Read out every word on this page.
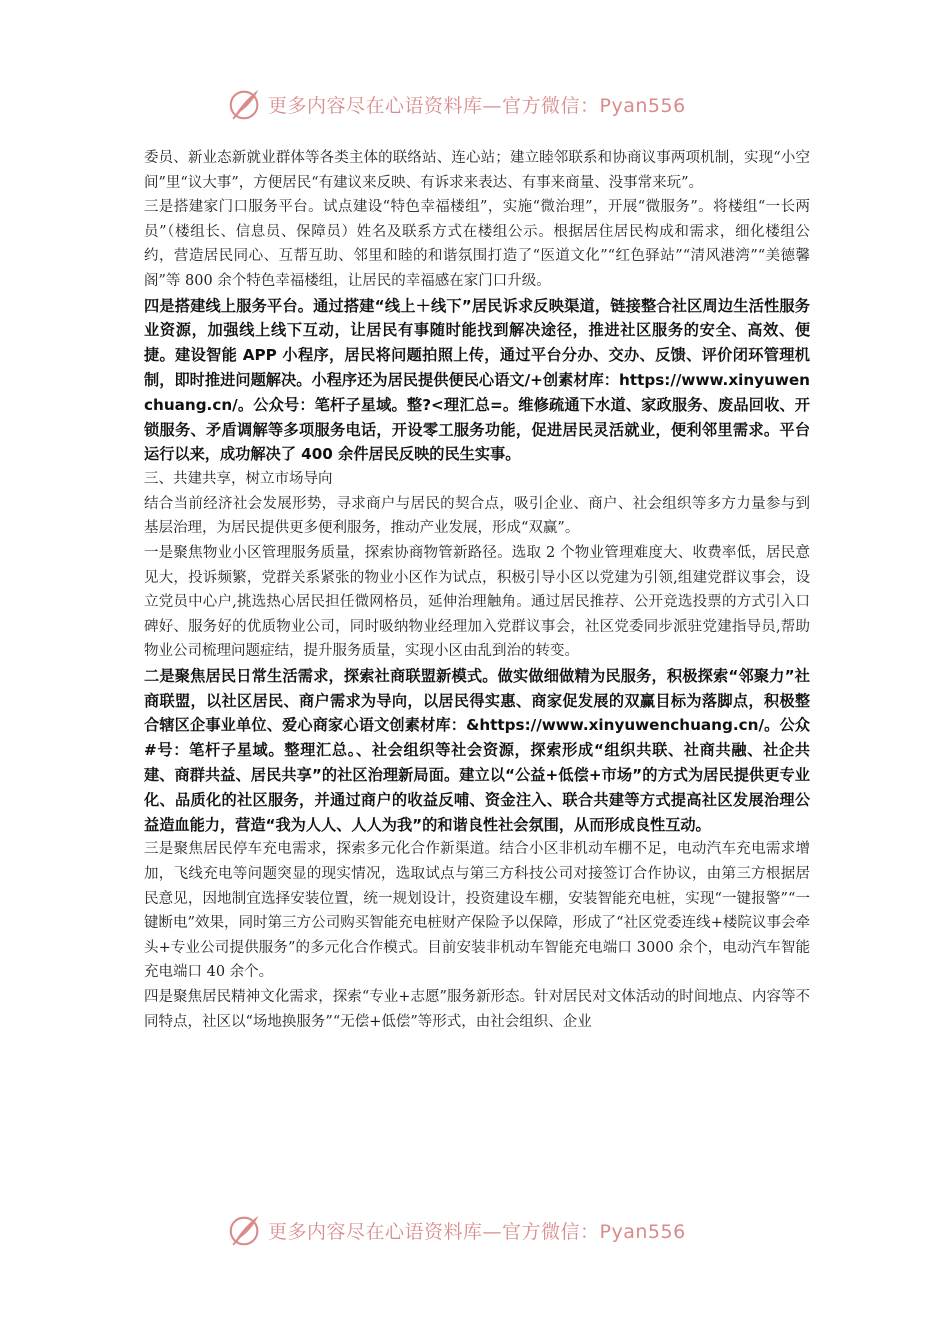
更多内容尽在心语资料库—官方微信：Pyan556

委员、新业态新就业群体等各类主体的联络站、连心站；建立睦邻联系和协商议事两项机制，实现“小空间”里“议大事”，方便居民“有建议来反映、有诉求来表达、有事来商量、没事常来玩”。

三是搭建家门口服务平台。试点建设“特色幸福楼组”，实施“微治理”，开展“微服务”。将楼组“一长两员”（楼组长、信息员、保障员）姓名及联系方式在楼组公示。根据居住居民构成和需求，细化楼组公约，营造居民同心、互帮互助、邻里和睦的和谐氛围打造了“医道文化”“红色驿站”“清风港湾”“美德馨阁”等 800 余个特色幸福楼组，让居民的幸福感在家门口升级。

四是搭建线上服务平台。通过搭建“线上＋线下”居民诉求反映渠道，链接整合社区周边生活性服务业资源，加强线上线下互动，让居民有事随时能找到解决途径，推进社区服务的安全、高效、便捷。建设智能 APP 小程序，居民将问题拍照上传，通过平台分办、交办、反馈、评价闭环管理机制，即时推进问题解决。小程序还为居民提供便民心语文/+创素材库：https://www.xinyuwenchuang.cn/。公众号：笔杆子星域。整?<理汇总=。维修疏通下水道、家政服务、废品回收、开锁服务、矛盾调解等多项服务电话，开设零工服务功能，促进居民灵活就业，便利邻里需求。平台运行以来，成功解决了 400 余件居民反映的民生实事。

三、共建共享，树立市场导向

结合当前经济社会发展形势，寻求商户与居民的契合点，吸引企业、商户、社会组织等多方力量参与到基层治理，为居民提供更多便利服务，推动产业发展，形成“双赢”。

一是聚焦物业小区管理服务质量，探索协商物管新路径。选取 2 个物业管理难度大、收费率低，居民意见大，投诉频繁，党群关系紧张的物业小区作为试点，积极引导小区以党建为引领,组建党群议事会，设立党员中心户,挑选热心居民担任微网格员，延伸治理触角。通过居民推荐、公开竞选投票的方式引入口碑好、服务好的优质物业公司，同时吸纳物业经理加入党群议事会，社区党委同步派驻党建指导员,帮助物业公司梳理问题症结，提升服务质量，实现小区由乱到治的转变。

二是聚焦居民日常生活需求，探索社商联盟新模式。做实做细做精为民服务，积极探索“邻聚力”社商联盟，以社区居民、商户需求为导向，以居民得实惠、商家促发展的双赢目标为落脚点，积极整合辖区企事业单位、爱心商家心语文创素材库：&https://www.xinyuwenchuang.cn/。公众#号：笔杆子星域。整理汇总。、社会组织等社会资源，探索形成“组织共联、社商共融、社企共建、商群共益、居民共享”的社区治理新局面。建立以“公益+低偿+市场”的方式为居民提供更专业化、品质化的社区服务，并通过商户的收益反哺、资金注入、联合共建等方式提高社区发展治理公益造血能力，营造“我为人人、人人为我”的和谐良性社会氛围，从而形成良性互动。

三是聚焦居民停车充电需求，探索多元化合作新渠道。结合小区非机动车棚不足，电动汽车充电需求增加，飞线充电等问题突显的现实情况，选取试点与第三方科技公司对接签订合作协议，由第三方根据居民意见，因地制宜选择安装位置，统一规划设计，投资建设车棚，安装智能充电桩，实现“一键报警”“一键断电”效果，同时第三方公司购买智能充电桩财产保险予以保障，形成了“社区党委连线+楼院议事会牵头+专业公司提供服务”的多元化合作模式。目前安装非机动车智能充电端口 3000 余个，电动汽车智能充电端口 40 余个。

四是聚焦居民精神文化需求，探索“专业+志愿”服务新形态。针对居民对文体活动的时间地点、内容等不同特点，社区以“场地换服务”“无偿+低偿”等形式，由社会组织、企业

更多内容尽在心语资料库—官方微信：Pyan556
